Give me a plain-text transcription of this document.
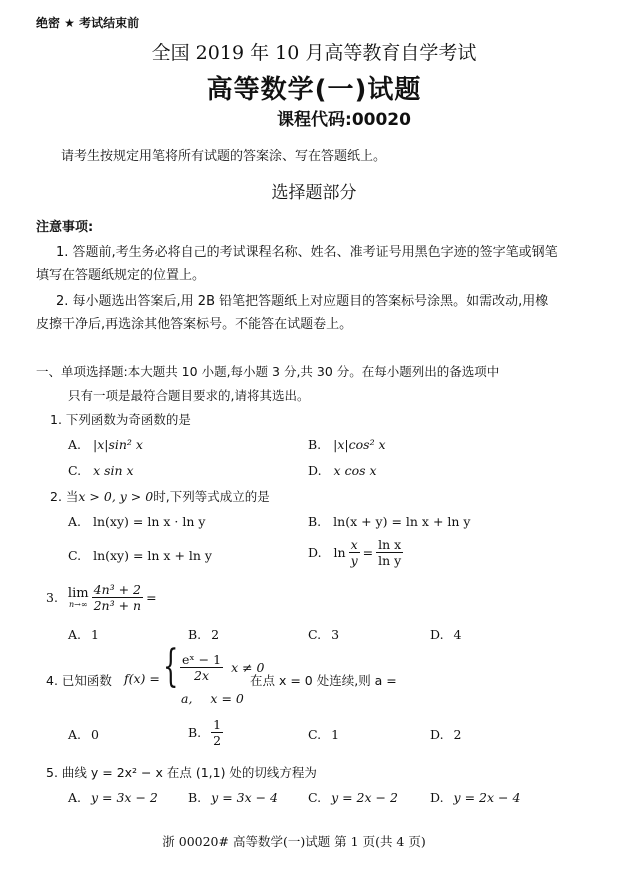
绝密 ★ 考试结束前
全国 2019 年 10 月高等教育自学考试
高等数学(一)试题
课程代码:00020
请考生按规定用笔将所有试题的答案涂、写在答题纸上。
选择题部分
注意事项:
1. 答题前,考生务必将自己的考试课程名称、姓名、准考证号用黑色字迹的签字笔或钢笔
填写在答题纸规定的位置上。
2. 每小题选出答案后,用 2B 铅笔把答题纸上对应题目的答案标号涂黑。如需改动,用橡
皮擦干净后,再选涂其他答案标号。不能答在试题卷上。
一、单项选择题:本大题共 10 小题,每小题 3 分,共 30 分。在每小题列出的备选项中
只有一项是最符合题目要求的,请将其选出。
1. 下列函数为奇函数的是
A. |x|sin² x	B. |x|cos² x
C. x sin x	D. x cos x
2. 当x > 0, y > 0时,下列等式成立的是
A. ln(xy) = ln x · ln y	B. ln(x + y) = ln x + ln y
C. ln(xy) = ln x + ln y	D. $\ln \frac{x}{y} = \frac{\text{ln x}}{\text{ln y}}$
3. lim
$n\to\infty \frac{\text{4n³ + 2}}{\text{2n³ + n}}$ =
A. 1	B. 2	C. 3	D. 4
4. 已知函数 f(x) = { $\frac{\text{eˣ − 1}}{2x}$ x ≠ 0
a, x = 0
在点 x = 0 处连续,则 a =
A. 0	B. $\frac{1}{2}$	C. 1	D. 2
5. 曲线 y = 2x² − x 在点 (1,1) 处的切线方程为
A. y = 3x − 2 B. y = 3x − 4 C. y = 2x − 2	D. y = 2x − 4
浙 00020# 高等数学(一)试题 第 1 页(共 4 页)
